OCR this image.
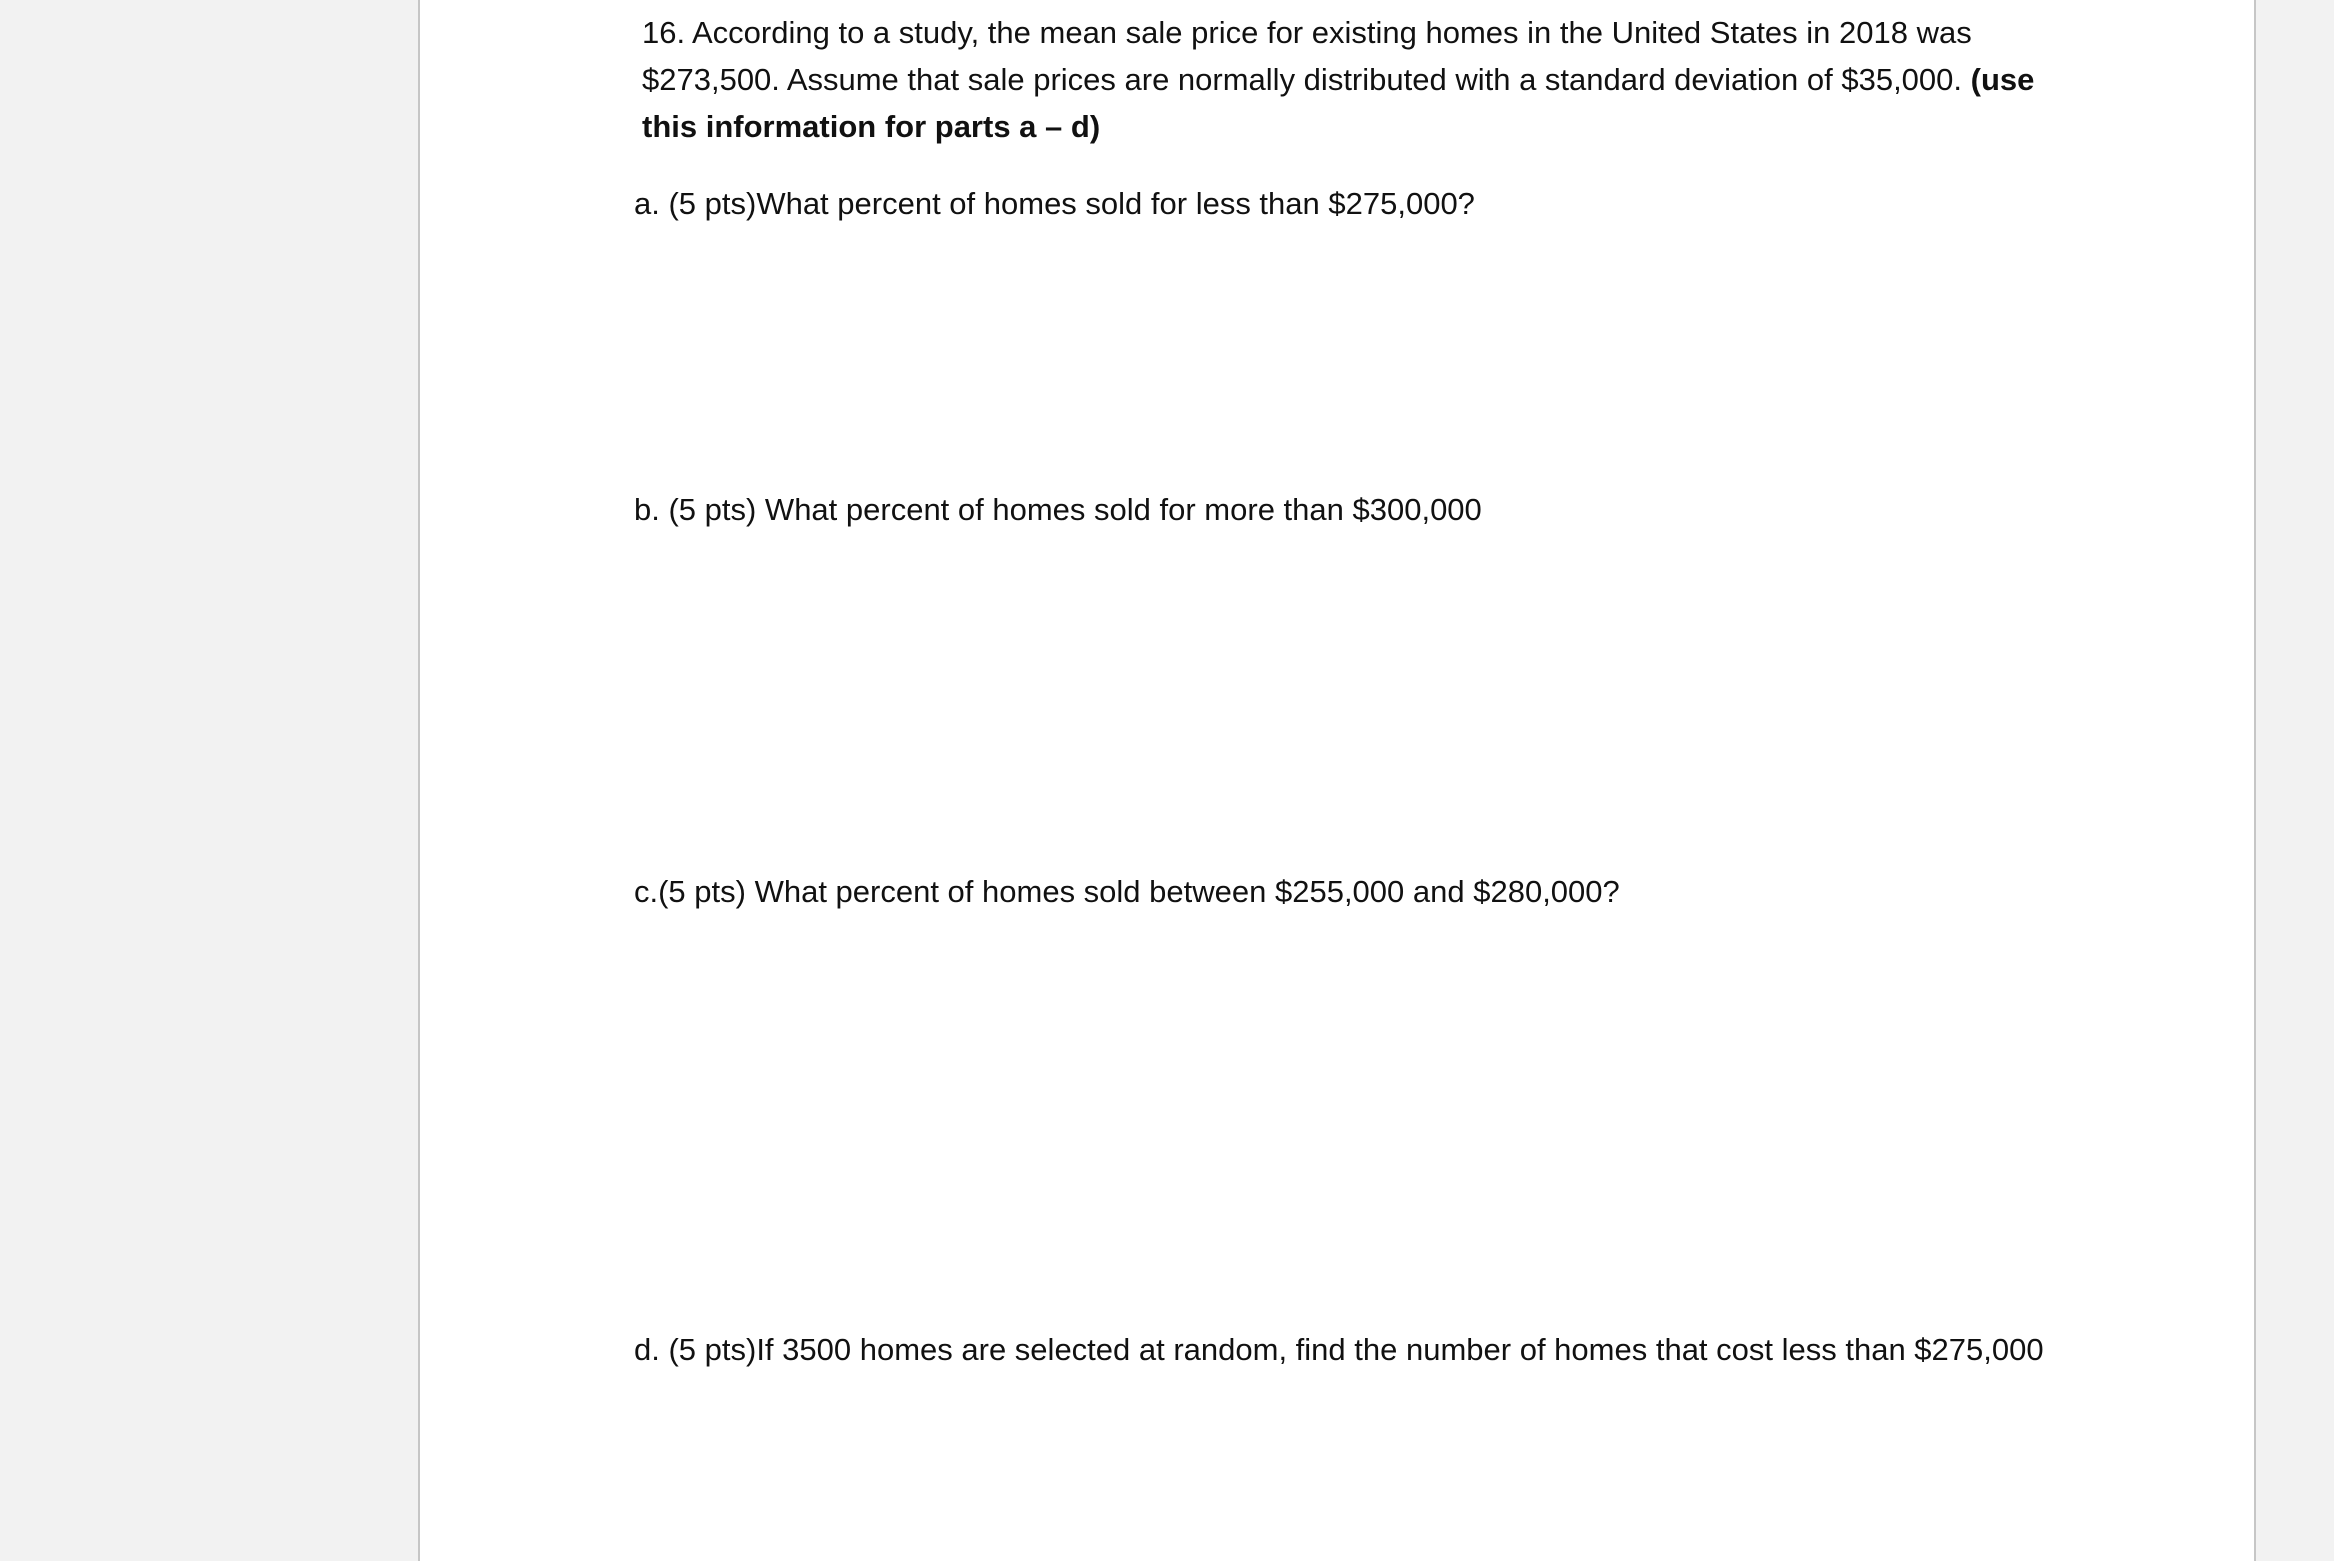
16. According to a study, the mean sale price for existing homes in the United States in 2018 was
$273,500. Assume that sale prices are normally distributed with a standard deviation of $35,000. (use
this information for parts a – d)
a. (5 pts)What percent of homes sold for less than $275,000?
b. (5 pts) What percent of homes sold for more than $300,000
c.(5 pts) What percent of homes sold between $255,000 and $280,000?
d. (5 pts)If 3500 homes are selected at random, find the number of homes that cost less than $275,000
